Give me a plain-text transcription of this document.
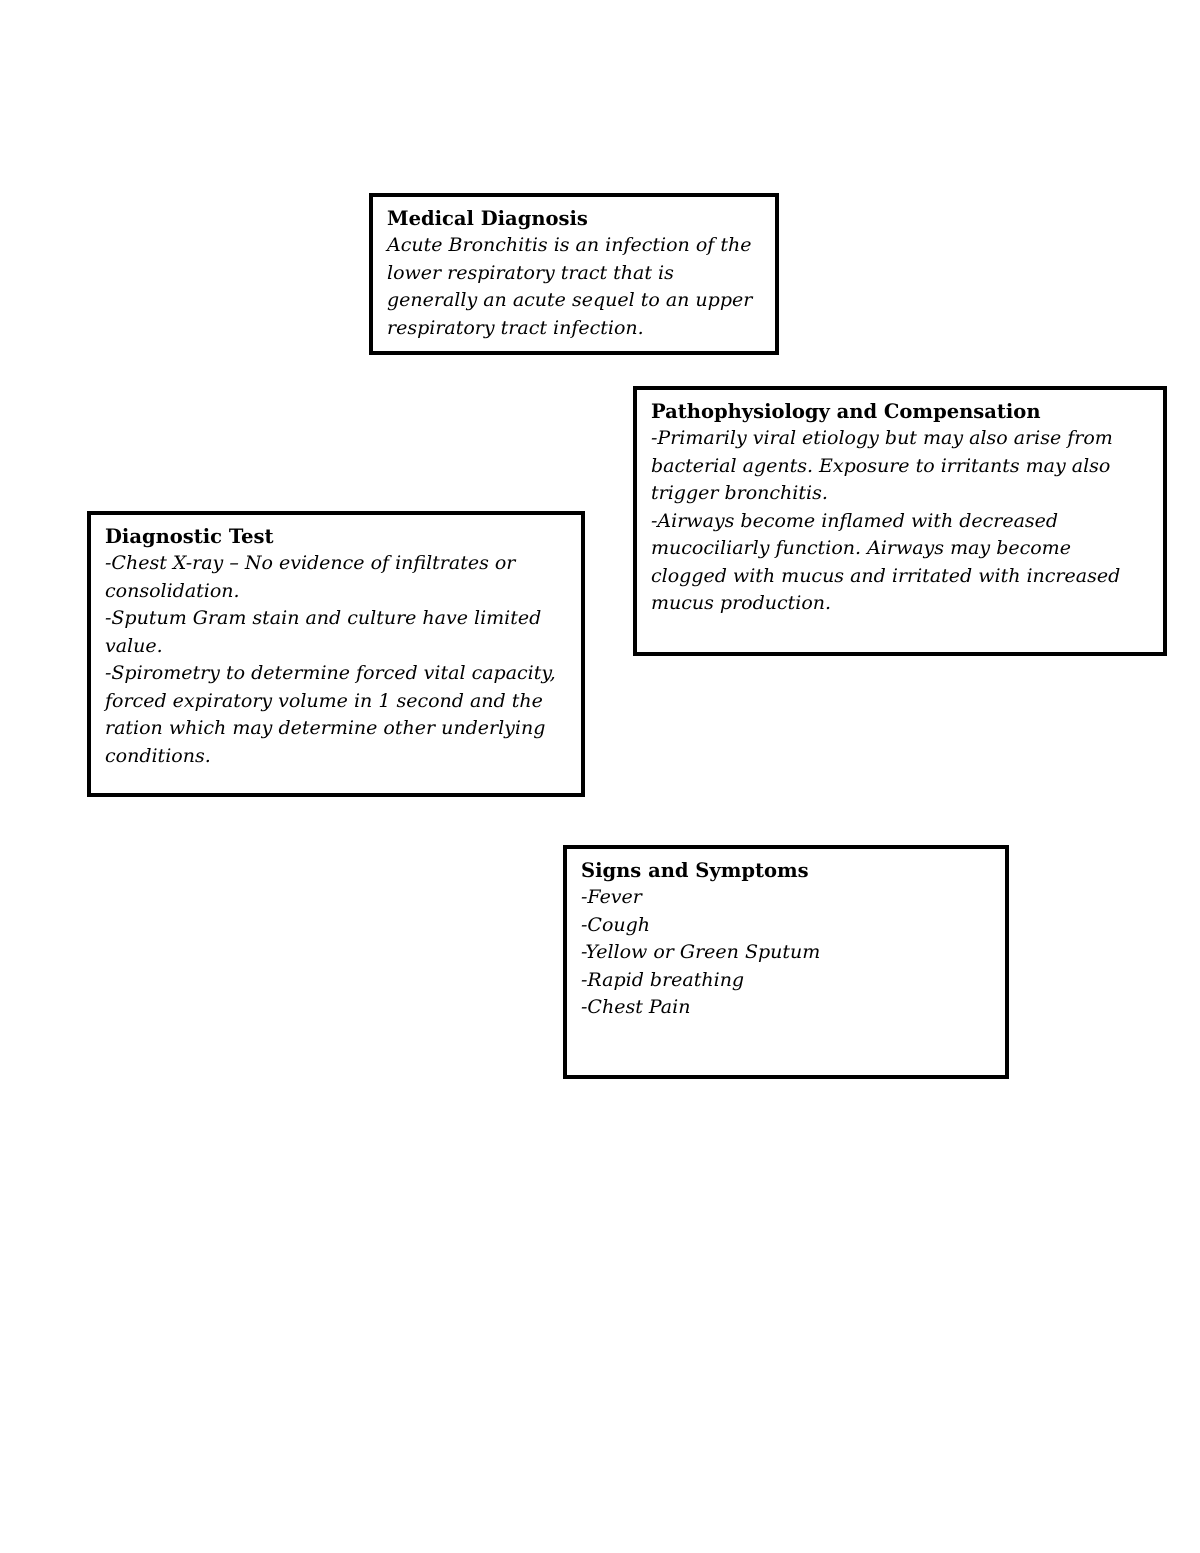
Medical Diagnosis
Acute Bronchitis is an infection of the
lower respiratory tract that is
generally an acute sequel to an upper
respiratory tract infection.
Pathophysiology and Compensation
-Primarily viral etiology but may also arise from
bacterial agents. Exposure to irritants may also
trigger bronchitis.
-Airways become inflamed with decreased
mucociliarly function. Airways may become
clogged with mucus and irritated with increased
mucus production.
Diagnostic Test
-Chest X-ray – No evidence of infiltrates or
consolidation.
-Sputum Gram stain and culture have limited
value.
-Spirometry to determine forced vital capacity,
forced expiratory volume in 1 second and the
ration which may determine other underlying
conditions.
Signs and Symptoms
-Fever
-Cough
-Yellow or Green Sputum
-Rapid breathing
-Chest Pain
